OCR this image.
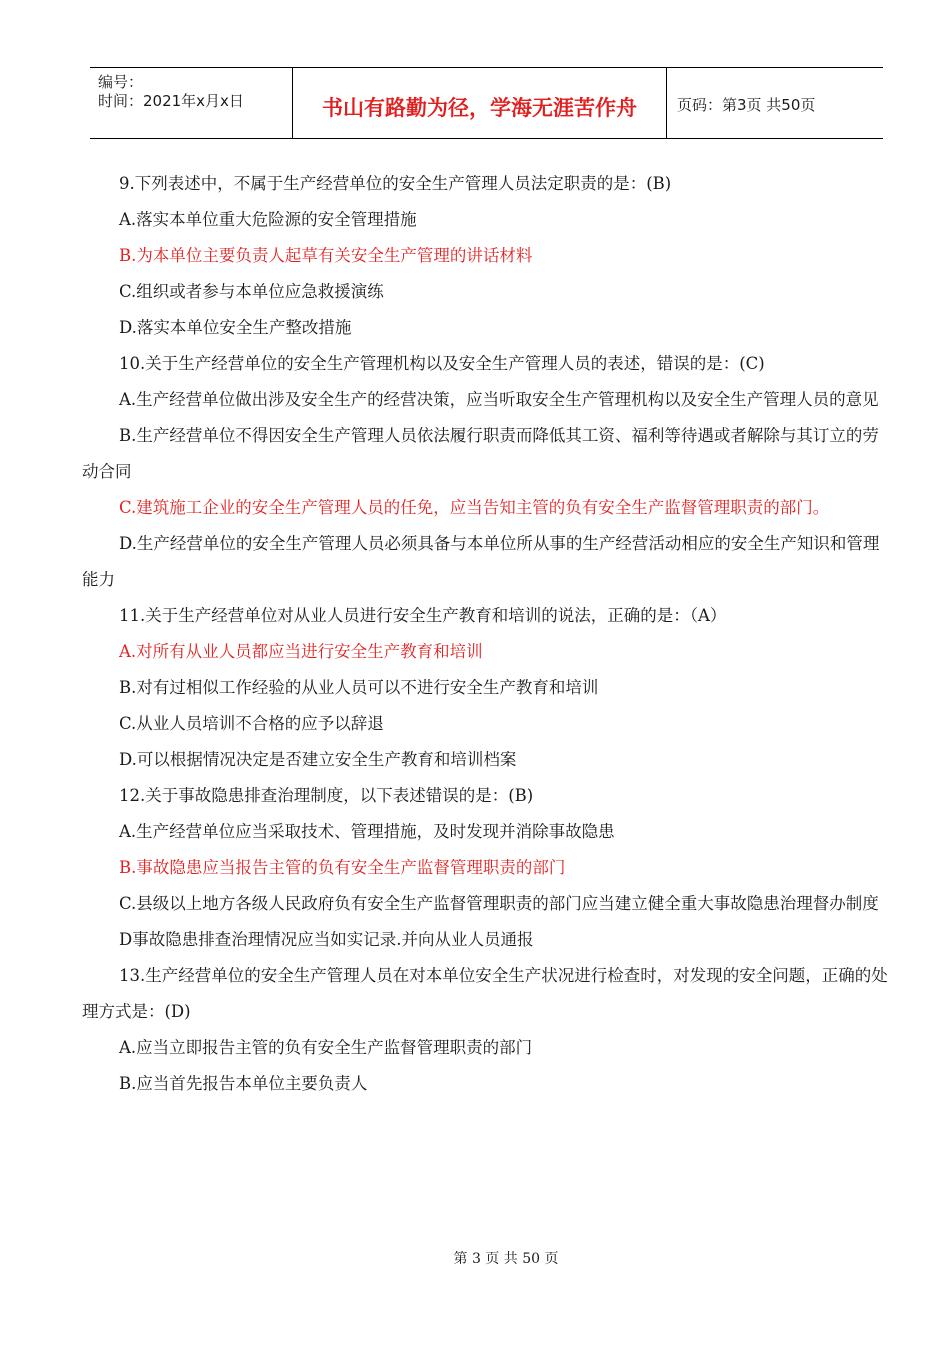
编号：
时间：2021年x月x日	书山有路勤为径，学海无涯苦作舟	页码：第3页 共50页

9.下列表述中，不属于生产经营单位的安全生产管理人员法定职责的是：(B)

A.落实本单位重大危险源的安全管理措施

B.为本单位主要负责人起草有关安全生产管理的讲话材料

C.组织或者参与本单位应急救援演练

D.落实本单位安全生产整改措施

10.关于生产经营单位的安全生产管理机构以及安全生产管理人员的表述，错误的是：(C)

A.生产经营单位做出涉及安全生产的经营决策，应当听取安全生产管理机构以及安全生产管理人员的意见

B.生产经营单位不得因安全生产管理人员依法履行职责而降低其工资、福利等待遇或者解除与其订立的劳动合同

C.建筑施工企业的安全生产管理人员的任免，应当告知主管的负有安全生产监督管理职责的部门。

D.生产经营单位的安全生产管理人员必须具备与本单位所从事的生产经营活动相应的安全生产知识和管理能力

11.关于生产经营单位对从业人员进行安全生产教育和培训的说法，正确的是：（A）

A.对所有从业人员都应当进行安全生产教育和培训

B.对有过相似工作经验的从业人员可以不进行安全生产教育和培训

C.从业人员培训不合格的应予以辞退

D.可以根据情况决定是否建立安全生产教育和培训档案

12.关于事故隐患排查治理制度，以下表述错误的是：(B)

A.生产经营单位应当采取技术、管理措施，及时发现并消除事故隐患

B.事故隐患应当报告主管的负有安全生产监督管理职责的部门

C.县级以上地方各级人民政府负有安全生产监督管理职责的部门应当建立健全重大事故隐患治理督办制度

D事故隐患排查治理情况应当如实记录.并向从业人员通报

13.生产经营单位的安全生产管理人员在对本单位安全生产状况进行检查时，对发现的安全问题，正确的处理方式是：(D)

A.应当立即报告主管的负有安全生产监督管理职责的部门

B.应当首先报告本单位主要负责人

第 3 页 共 50 页
